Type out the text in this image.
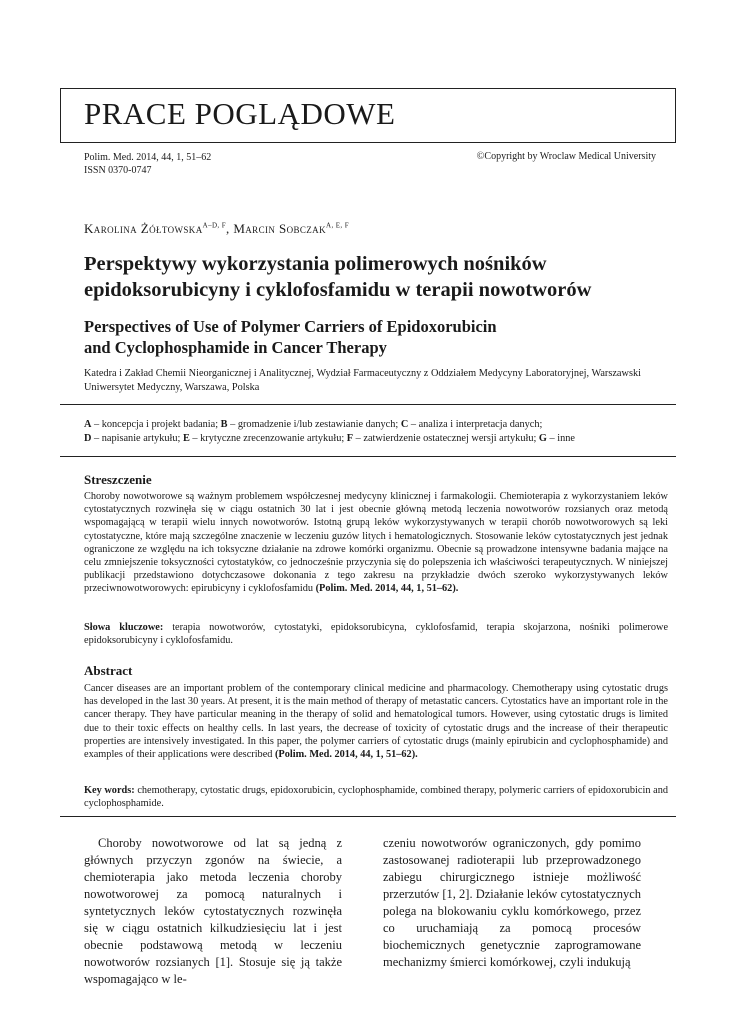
PRACE POGLĄDOWE
Polim. Med. 2014, 44, 1, 51–62
ISSN 0370-0747
©Copyright by Wroclaw Medical University
Karolina Żółtowska$^{A-D, F}$, Marcin Sobczak$^{A, E, F}$
Perspektywy wykorzystania polimerowych nośników epidoksorubicyny i cyklofosfamidu w terapii nowotworów
Perspectives of Use of Polymer Carriers of Epidoxorubicin
and Cyclophosphamide in Cancer Therapy
Katedra i Zakład Chemii Nieorganicznej i Analitycznej, Wydział Farmaceutyczny z Oddziałem Medycyny Laboratoryjnej, Warszawski Uniwersytet Medyczny, Warszawa, Polska
A – koncepcja i projekt badania; B – gromadzenie i/lub zestawianie danych; C – analiza i interpretacja danych;
D – napisanie artykułu; E – krytyczne zrecenzowanie artykułu; F – zatwierdzenie ostatecznej wersji artykułu; G – inne
Streszczenie
Choroby nowotworowe są ważnym problemem współczesnej medycyny klinicznej i farmakologii. Chemioterapia z wykorzystaniem leków cytostatycznych rozwinęła się w ciągu ostatnich 30 lat i jest obecnie główną metodą leczenia nowotworów rozsianych oraz metodą wspomagającą w terapii wielu innych nowotworów. Istotną grupą leków wykorzystywanych w terapii chorób nowotworowych są leki cytostatyczne, które mają szczególne znaczenie w leczeniu guzów litych i hematologicznych. Stosowanie leków cytostatycznych jest jednak ograniczone ze względu na ich toksyczne działanie na zdrowe komórki organizmu. Obecnie są prowadzone intensywne badania mające na celu zmniejszenie toksyczności cytostatyków, co jednocześnie przyczynia się do polepszenia ich właściwości terapeutycznych. W niniejszej publikacji przedstawiono dotychczasowe dokonania z tego zakresu na przykładzie dwóch szeroko wykorzystywanych leków przeciwnowotworowych: epirubicyny i cyklofosfamidu (Polim. Med. 2014, 44, 1, 51–62).
Słowa kluczowe: terapia nowotworów, cytostatyki, epidoksorubicyna, cyklofosfamid, terapia skojarzona, nośniki polimerowe epidoksorubicyny i cyklofosfamidu.
Abstract
Cancer diseases are an important problem of the contemporary clinical medicine and pharmacology. Chemotherapy using cytostatic drugs has developed in the last 30 years. At present, it is the main method of therapy of metastatic cancers. Cytostatics have an important role in the cancer therapy. They have particular meaning in the therapy of solid and hematological tumors. However, using cytostatic drugs is limited due to their toxic effects on healthy cells. In last years, the decrease of toxicity of cytostatic drugs and the increase of their therapeutic properties are intensively investigated. In this paper, the polymer carriers of cytostatic drugs (mainly epirubicin and cyclophosphamide) and examples of their applications were described (Polim. Med. 2014, 44, 1, 51–62).
Key words: chemotherapy, cytostatic drugs, epidoxorubicin, cyclophosphamide, combined therapy, polymeric carriers of epidoxorubicin and cyclophosphamide.
Choroby nowotworowe od lat są jedną z głównych przyczyn zgonów na świecie, a chemioterapia jako metoda leczenia choroby nowotworowej za pomocą naturalnych i syntetycznych leków cytostatycznych rozwinęła się w ciągu ostatnich kilkudziesięciu lat i jest obecnie podstawową metodą w leczeniu nowotworów rozsianych [1]. Stosuje się ją także wspomagająco w le-
czeniu nowotworów ograniczonych, gdy pomimo zastosowanej radioterapii lub przeprowadzonego zabiegu chirurgicznego istnieje możliwość przerzutów [1, 2]. Działanie leków cytostatycznych polega na blokowaniu cyklu komórkowego, przez co uruchamiają za pomocą procesów biochemicznych genetycznie zaprogramowane mechanizmy śmierci komórkowej, czyli indukują
